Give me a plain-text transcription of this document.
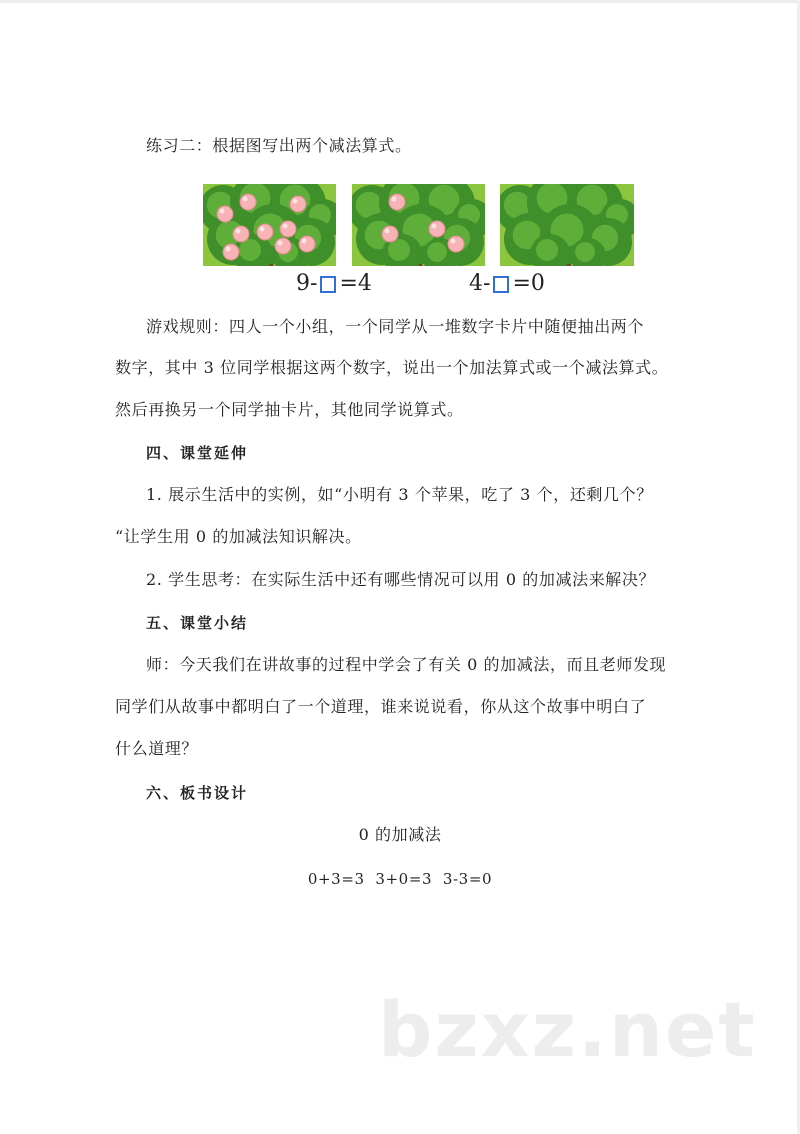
练习二：根据图写出两个减法算式。
9- =4	4- =0
游戏规则：四人一个小组，一个同学从一堆数字卡片中随便抽出两个
数字，其中 3 位同学根据这两个数字，说出一个加法算式或一个减法算式。
然后再换另一个同学抽卡片，其他同学说算式。
四、课堂延伸
1. 展示生活中的实例，如“小明有 3 个苹果，吃了 3 个，还剩几个？
“让学生用 0 的加减法知识解决。
2. 学生思考：在实际生活中还有哪些情况可以用 0 的加减法来解决？
五、课堂小结
师：今天我们在讲故事的过程中学会了有关 0 的加减法，而且老师发现
同学们从故事中都明白了一个道理，谁来说说看，你从这个故事中明白了
什么道理？
六、板书设计
0 的加减法
0+3=3  3+0=3  3-3=0
bzxz.net
